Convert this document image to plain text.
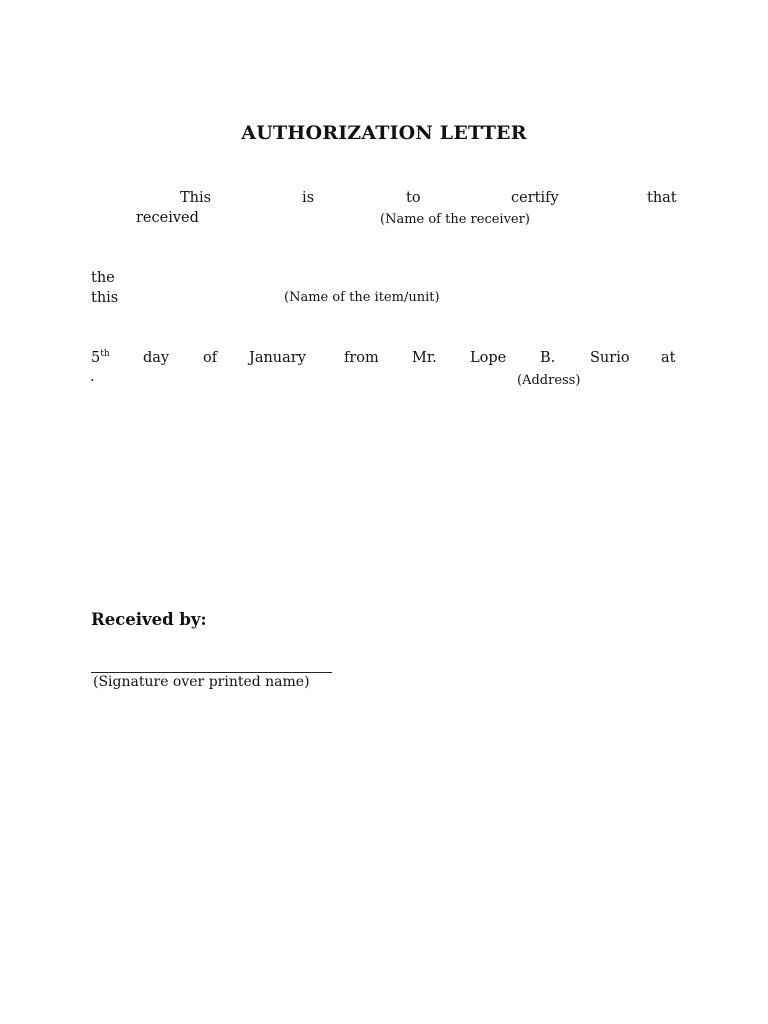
AUTHORIZATION LETTER
This	is	to	certify	that
received	(Name of the receiver)
the
this	(Name of the item/unit)
5th day of January	from Mr. Lope B. Surio at
.	(Address)
Received by:
(Signature over printed name)
